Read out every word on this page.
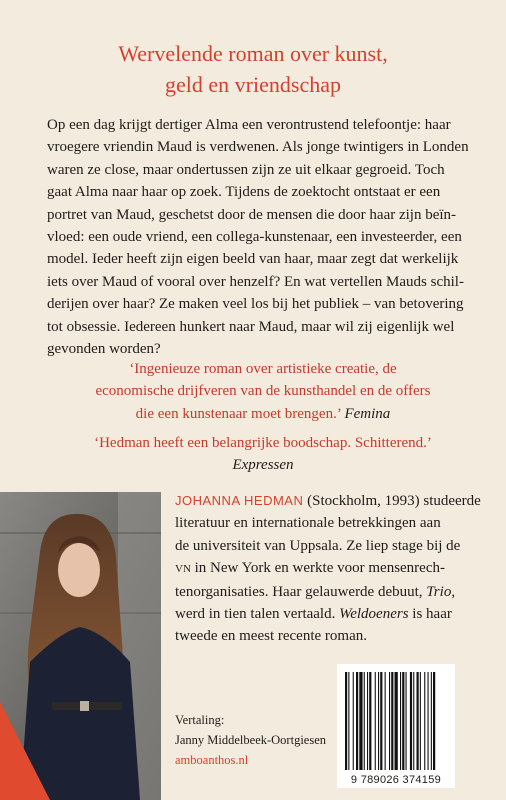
Wervelende roman over kunst,
geld en vriendschap
Op een dag krijgt dertiger Alma een verontrustend telefoontje: haar
vroegere vriendin Maud is verdwenen. Als jonge twintigers in Londen
waren ze close, maar ondertussen zijn ze uit elkaar gegroeid. Toch
gaat Alma naar haar op zoek. Tijdens de zoektocht ontstaat er een
portret van Maud, geschetst door de mensen die door haar zijn beïn-
vloed: een oude vriend, een collega-kunstenaar, een investeerder, een
model. Ieder heeft zijn eigen beeld van haar, maar zegt dat werkelijk
iets over Maud of vooral over henzelf? En wat vertellen Mauds schil-
derijen over haar? Ze maken veel los bij het publiek – van betovering
tot obsessie. Iedereen hunkert naar Maud, maar wil zij eigenlijk wel
gevonden worden?
‘Ingenieuze roman over artistieke creatie, de
economische drijfveren van de kunsthandel en de offers
die een kunstenaar moet brengen.’ Femina
‘Hedman heeft een belangrijke boodschap. Schitterend.’
Expressen
JOHANNA HEDMAN (Stockholm, 1993) studeerde
literatuur en internationale betrekkingen aan
de universiteit van Uppsala. Ze liep stage bij de
VN in New York en werkte voor mensenrech-
tenorganisaties. Haar gelauwerde debuut, Trio,
werd in tien talen vertaald. Weldoeners is haar
tweede en meest recente roman.
Vertaling:
Janny Middelbeek-Oortgiesen
amboanthos.nl
9 789026 374159
